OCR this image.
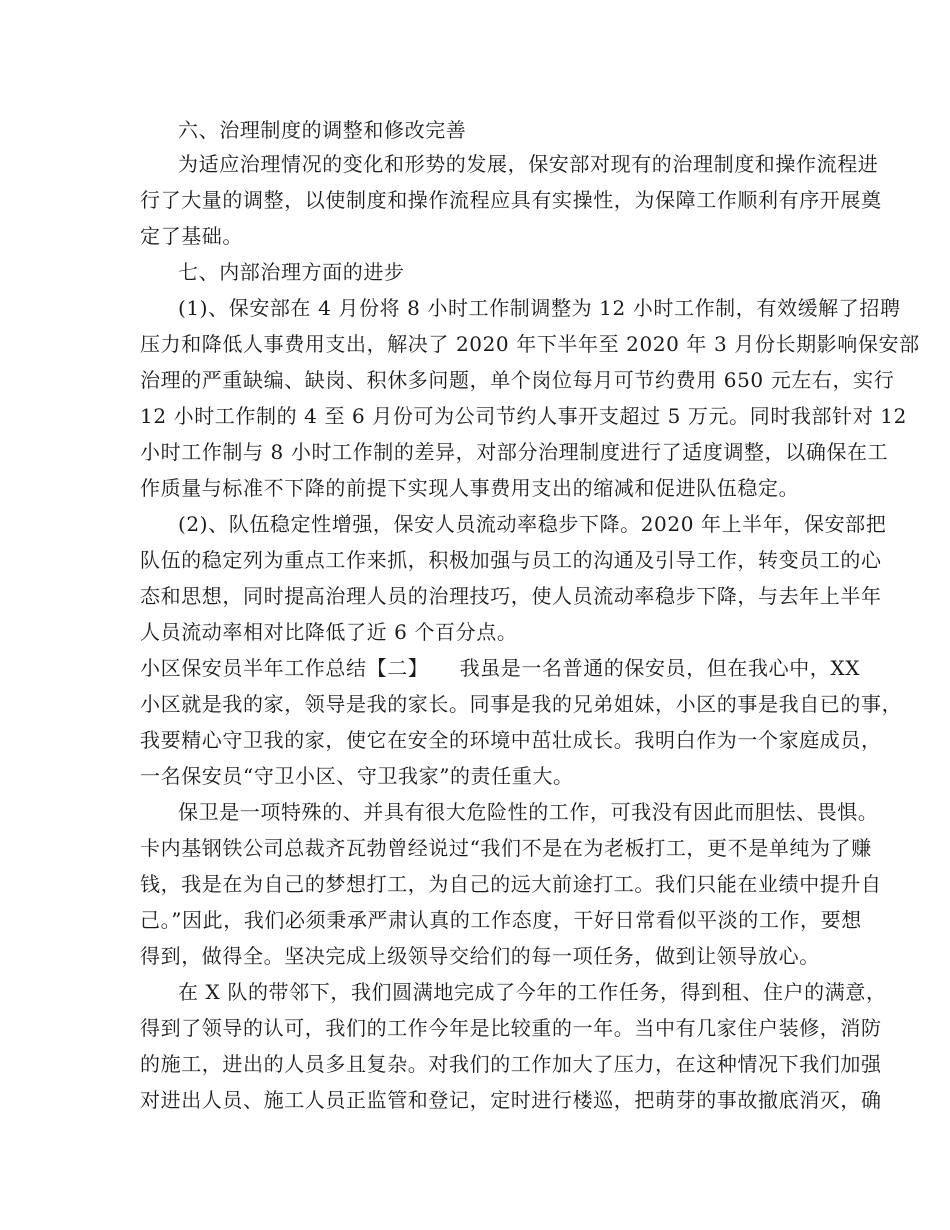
六、治理制度的调整和修改完善
为适应治理情况的变化和形势的发展，保安部对现有的治理制度和操作流程进
行了大量的调整，以使制度和操作流程应具有实操性，为保障工作顺利有序开展奠
定了基础。
七、内部治理方面的进步
(1)、保安部在 4 月份将 8 小时工作制调整为 12 小时工作制，有效缓解了招聘
压力和降低人事费用支出，解决了 2020 年下半年至 2020 年 3 月份长期影响保安部
治理的严重缺编、缺岗、积休多问题，单个岗位每月可节约费用 650 元左右，实行
12 小时工作制的 4 至 6 月份可为公司节约人事开支超过 5 万元。同时我部针对 12
小时工作制与 8 小时工作制的差异，对部分治理制度进行了适度调整，以确保在工
作质量与标准不下降的前提下实现人事费用支出的缩减和促进队伍稳定。
(2)、队伍稳定性增强，保安人员流动率稳步下降。2020 年上半年，保安部把
队伍的稳定列为重点工作来抓，积极加强与员工的沟通及引导工作，转变员工的心
态和思想，同时提高治理人员的治理技巧，使人员流动率稳步下降，与去年上半年
人员流动率相对比降低了近 6 个百分点。
小区保安员半年工作总结【二】　　我虽是一名普通的保安员，但在我心中，XX
小区就是我的家，领导是我的家长。同事是我的兄弟姐妹，小区的事是我自已的事，
我要精心守卫我的家，使它在安全的环境中茁壮成长。我明白作为一个家庭成员，
一名保安员“守卫小区、守卫我家”的责任重大。
保卫是一项特殊的、并具有很大危险性的工作，可我没有因此而胆怯、畏惧。
卡内基钢铁公司总裁齐瓦勃曾经说过“我们不是在为老板打工，更不是单纯为了赚
钱，我是在为自己的梦想打工，为自己的远大前途打工。我们只能在业绩中提升自
己。”因此，我们必须秉承严肃认真的工作态度，干好日常看似平淡的工作，要想
得到，做得全。坚决完成上级领导交给们的每一项任务，做到让领导放心。
在 X 队的带邻下，我们圆满地完成了今年的工作任务，得到租、住户的满意，
得到了领导的认可，我们的工作今年是比较重的一年。当中有几家住户装修，消防
的施工，进出的人员多且复杂。对我们的工作加大了压力，在这种情况下我们加强
对进出人员、施工人员正监管和登记，定时进行楼巡，把萌芽的事故撤底消灭，确
